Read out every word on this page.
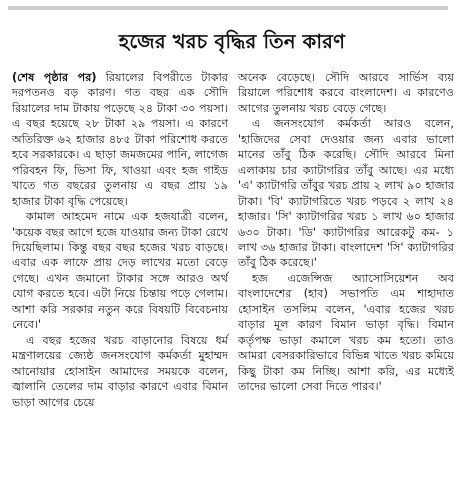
হজের খরচ বৃদ্ধির তিন কারণ

(শেষ পৃষ্ঠার পর) রিয়ালের বিপরীতে টাকার দরপতনও বড় কারণ। গত বছর এক সৌদি রিয়ালের দাম টাকায় পড়েছে ২৪ টাকা ৩০ পয়সা। এ বছর হয়েছে ২৮ টাকা ২৯ পয়সা। এ কারণে অতিরিক্ত ৬২ হাজার ৪৮৫ টাকা পরিশোধ করতে হবে সরকারকে। এ ছাড়া জমজমের পানি, লাগেজ পরিবহন ফি, ভিসা ফি, খাওয়া এবং হজ গাইড খাতে গত বছরের তুলনায় এ বছর প্রায় ১৯ হাজার টাকা বৃদ্ধি পেয়েছে।

কামাল আহমেদ নামে এক হজযাত্রী বলেন, 'কয়েক বছর আগে হজে যাওয়ার জন্য টাকা রেখে দিয়েছিলাম। কিন্তু বছর বছর হজের খরচ বাড়ছে। এবার এক লাফে প্রায় দেড় লাখের মতো বেড়ে গেছে। এখন জমানো টাকার সঙ্গে আরও অর্থ যোগ করতে হবে। এটা নিয়ে চিন্তায় পড়ে গেলাম। আশা করি সরকার নতুন করে বিষয়টি বিবেচনায় নেবে।'

এ বছর হজের খরচ বাড়ানোর বিষয়ে ধর্ম মন্ত্রণালয়ের জ্যেষ্ঠ জনসংযোগ কর্মকর্তা মুহাম্মদ আনোয়ার হোসাইন আমাদের সময়কে বলেন, জ্বালানি তেলের দাম বাড়ার কারণে এবার বিমান ভাড়া আগের চেয়ে

অনেক বেড়েছে। সৌদি আরবে সার্ভিস ব্যয় রিয়ালে পরিশোধ করবে বাংলাদেশ। এ কারণেও আগের তুলনায় খরচ বেড়ে গেছে।

এ জনসংযোগ কর্মকর্তা আরও বলেন, 'হাজিদের সেবা দেওয়ার জন্য এবার ভালো মানের তাঁবু ঠিক করেছি। সৌদি আরবে মিনা এলাকায় চার ক্যাটাগরির তাঁবু আছে। এর মধ্যে 'এ' ক্যাটাগরি তাঁবুর খরচ প্রায় ২ লাখ ৯০ হাজার টাকা। 'বি' ক্যাটাগরিতে খরচ পড়বে ২ লাখ ২৪ হাজার। 'সি' ক্যাটাগরির খরচ ১ লাখ ৬০ হাজার ৬৩০ টাকা। 'ডি' ক্যাটাগরির আরেকটু কম- ১ লাখ ৩৬ হাজার টাকা। বাংলাদেশ 'সি' ক্যাটাগরির তাঁবু ঠিক করেছে।'

হজ এজেন্সিজ অ্যাসোসিয়েশন অব বাংলাদেশের (হাব) সভাপতি এম শাহাদাত হোসাইন তসলিম বলেন, 'এবার হজের খরচ বাড়ার মূল কারণ বিমান ভাড়া বৃদ্ধি। বিমান কর্তৃপক্ষ ভাড়া কমালে খরচ কম হতো। তাও আমরা বেসরকারিভাবে বিভিন্ন খাতে খরচ কমিয়ে কিছু টাকা কম নিচ্ছি। আশা করি, এর মধ্যেই তাদের ভালো সেবা দিতে পারব।'
